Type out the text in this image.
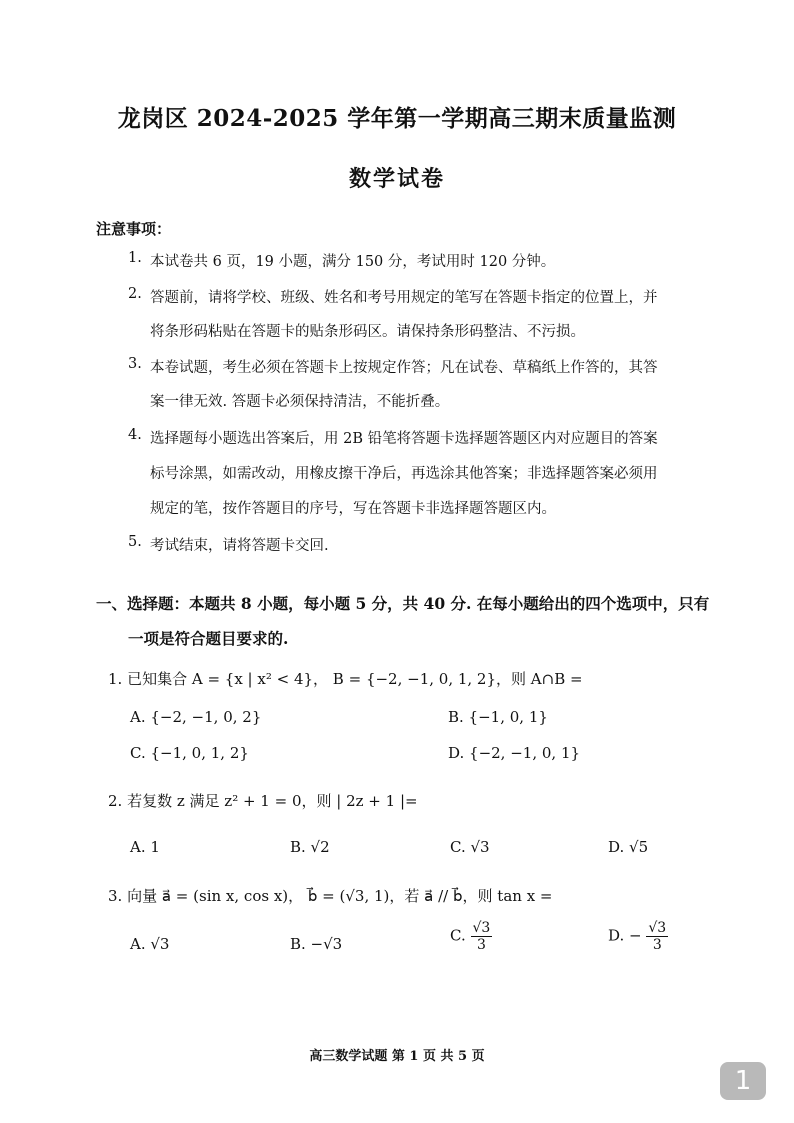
龙岗区 2024-2025 学年第一学期高三期末质量监测
数学试卷
注意事项：
1. 本试卷共 6 页，19 小题，满分 150 分，考试用时 120 分钟。
2. 答题前，请将学校、班级、姓名和考号用规定的笔写在答题卡指定的位置上，并
将条形码粘贴在答题卡的贴条形码区。请保持条形码整洁、不污损。
3. 本卷试题，考生必须在答题卡上按规定作答；凡在试卷、草稿纸上作答的，其答
案一律无效. 答题卡必须保持清洁，不能折叠。
4. 选择题每小题选出答案后，用 2B 铅笔将答题卡选择题答题区内对应题目的答案
标号涂黑，如需改动，用橡皮擦干净后，再选涂其他答案；非选择题答案必须用
规定的笔，按作答题目的序号，写在答题卡非选择题答题区内。
5. 考试结束，请将答题卡交回.
一、选择题：本题共 8 小题，每小题 5 分，共 40 分. 在每小题给出的四个选项中，只有
一项是符合题目要求的.
1. 已知集合 A = {x | x² < 4}， B = {−2, −1, 0, 1, 2}，则 A∩B =
A. {−2, −1, 0, 2}	B. {−1, 0, 1}
C. {−1, 0, 1, 2}	D. {−2, −1, 0, 1}
2. 若复数 z 满足 z² + 1 = 0，则 | 2z + 1 |=
A. 1	B. √2	C. √3	D. √5
3. 向量 a⃗ = (sin x, cos x)， b⃗ = (√3, 1)，若 a⃗ // b⃗，则 tan x =
A. √3	B. −√3	C. $\frac{√3}{3}$	D. − $\frac{√3}{3}$
高三数学试题 第 1 页 共 5 页
1
